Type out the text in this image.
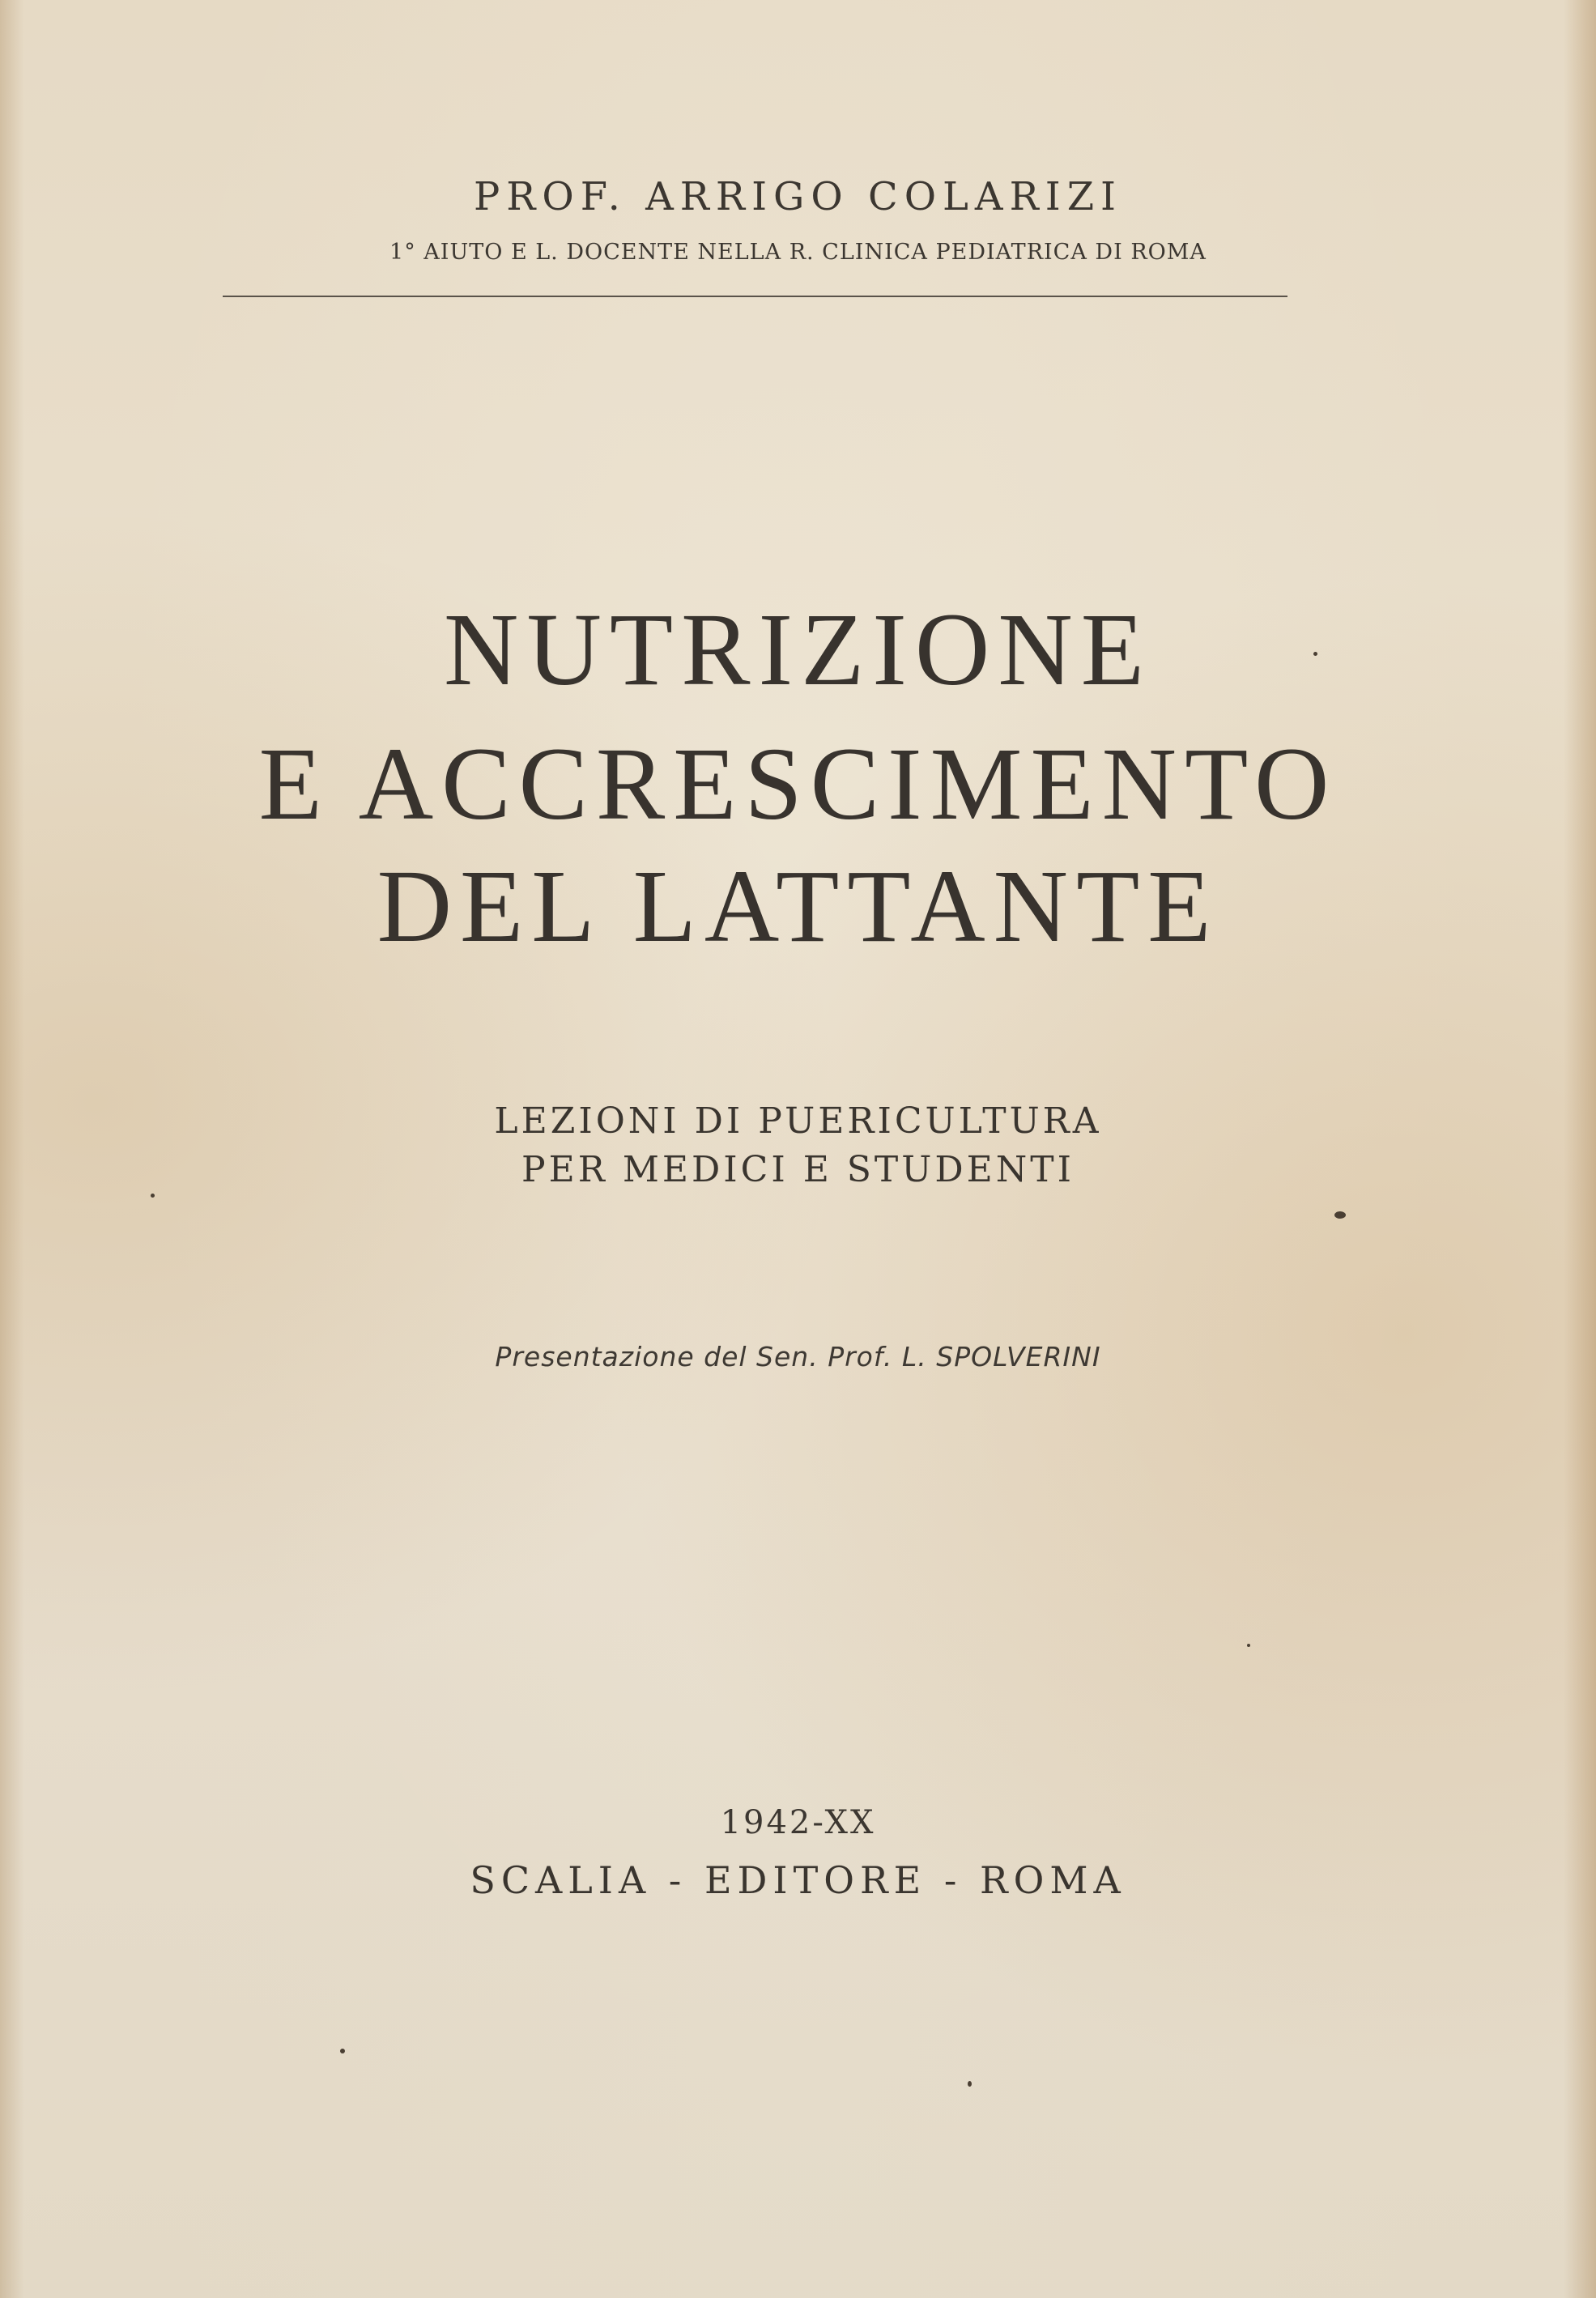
PROF. ARRIGO COLARIZI
1° AIUTO E L. DOCENTE NELLA R. CLINICA PEDIATRICA DI ROMA
NUTRIZIONE
E ACCRESCIMENTO
DEL LATTANTE
LEZIONI DI PUERICULTURA
PER MEDICI E STUDENTI
Presentazione del Sen. Prof. L. SPOLVERINI
1942-XX
SCALIA - EDITORE - ROMA
